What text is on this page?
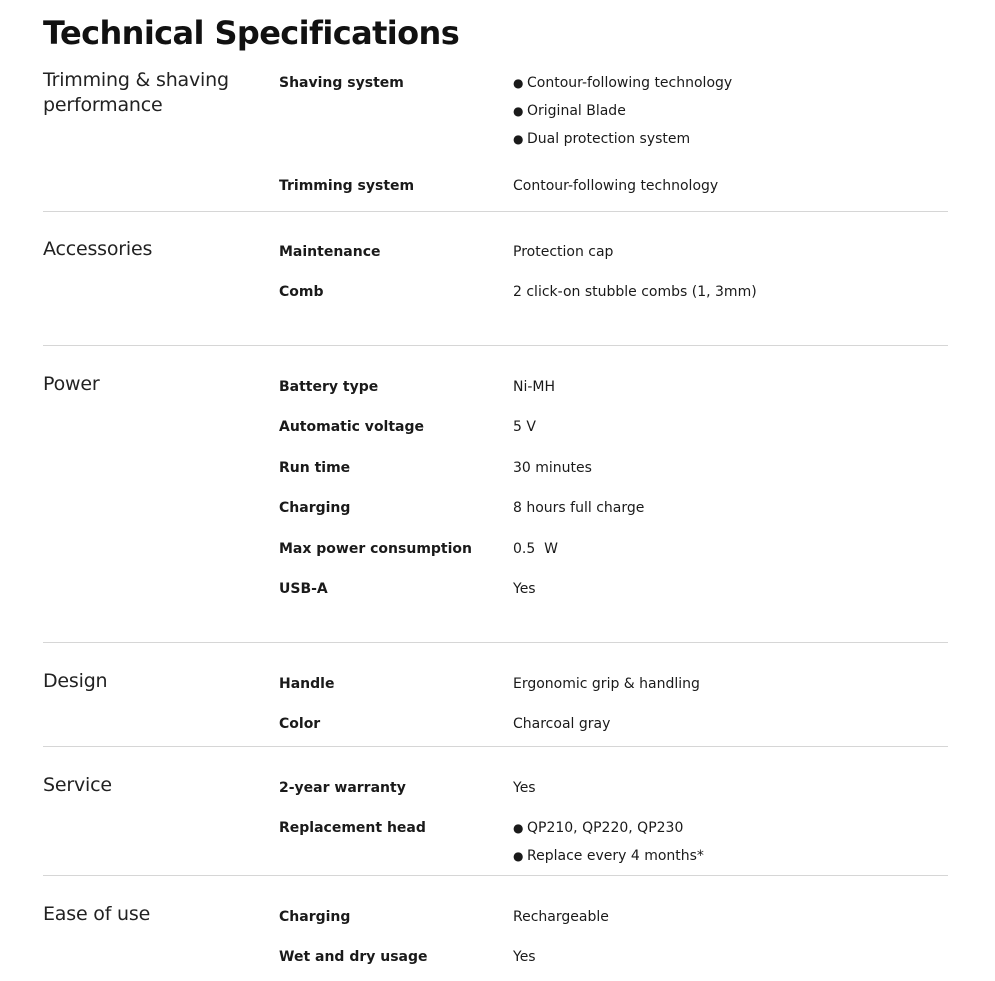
Technical Specifications
Trimming & shaving performance
Shaving system	● Contour-following technology
● Original Blade
● Dual protection system
Trimming system	Contour-following technology
Accessories	Maintenance	Protection cap
Comb	2 click-on stubble combs (1, 3mm)
Power	Battery type	Ni-MH
Automatic voltage	5 V
Run time	30 minutes
Charging	8 hours full charge
Max power consumption	0.5  W
USB-A	Yes
Design	Handle	Ergonomic grip & handling
Color	Charcoal gray
Service	2-year warranty	Yes
Replacement head	● QP210, QP220, QP230
● Replace every 4 months*
Ease of use	Charging	Rechargeable
Wet and dry usage	Yes
